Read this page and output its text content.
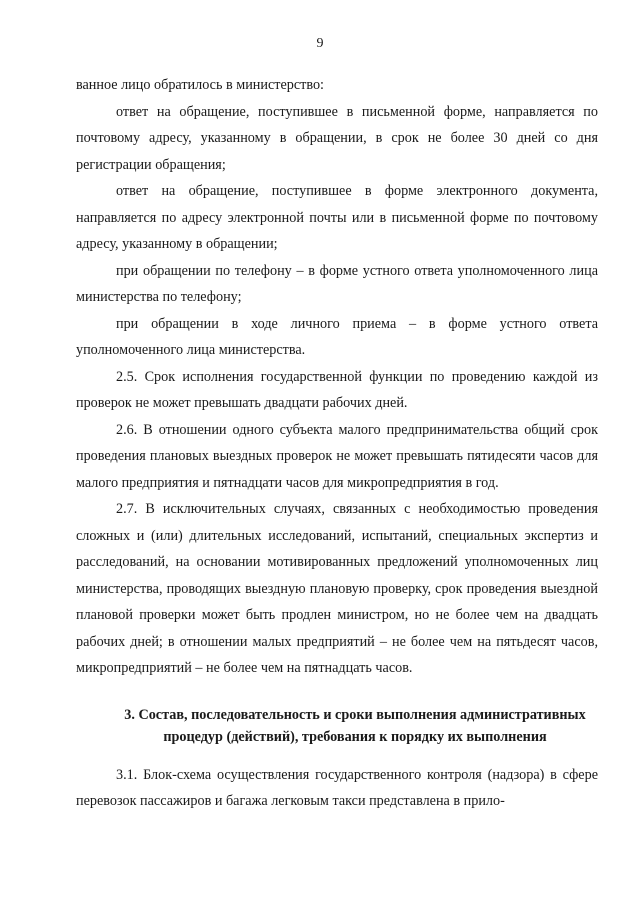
9

ванное лицо обратилось в министерство:

ответ на обращение, поступившее в письменной форме, направляется по почтовому адресу, указанному в обращении, в срок не более 30 дней со дня регистрации обращения;

ответ на обращение, поступившее в форме электронного документа, направляется по адресу электронной почты или в письменной форме по почтовому адресу, указанному в обращении;

при обращении по телефону – в форме устного ответа уполномоченного лица министерства по телефону;

при обращении в ходе личного приема – в форме устного ответа уполномоченного лица министерства.

2.5. Срок исполнения государственной функции по проведению каждой из проверок не может превышать двадцати рабочих дней.

2.6. В отношении одного субъекта малого предпринимательства общий срок проведения плановых выездных проверок не может превышать пятидесяти часов для малого предприятия и пятнадцати часов для микропредприятия в год.

2.7. В исключительных случаях, связанных с необходимостью проведения сложных и (или) длительных исследований, испытаний, специальных экспертиз и расследований, на основании мотивированных предложений уполномоченных лиц министерства, проводящих выездную плановую проверку, срок проведения выездной плановой проверки может быть продлен министром, но не более чем на двадцать рабочих дней; в отношении малых предприятий – не более чем на пятьдесят часов, микропредприятий – не более чем на пятнадцать часов.

3. Состав, последовательность и сроки выполнения административных процедур (действий), требования к порядку их выполнения

3.1. Блок-схема осуществления государственного контроля (надзора) в сфере перевозок пассажиров и багажа легковым такси представлена в прило-
